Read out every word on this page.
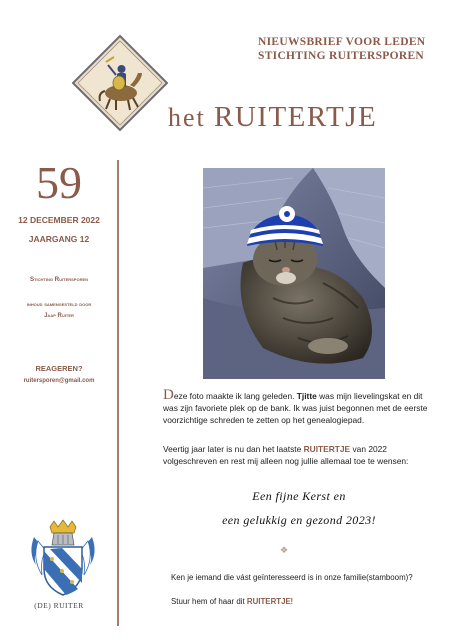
NIEUWSBRIEF VOOR LEDEN
STICHTING RUITERSPOREN
het RUITERTJE
59
12 DECEMBER 2022
JAARGANG 12
Stichting Ruitersporen
inhoud samengesteld door
Jaap Ruiter
REAGEREN?
ruitersporen@gmail.com
(DE) RUITER
Deze foto maakte ik lang geleden. Tjitte was mijn lievelingskat en dit was zijn favoriete plek op de bank. Ik was juist begonnen met de eerste voorzichtige schreden te zetten op het genealogiepad.
Veertig jaar later is nu dan het laatste RUITERTJE van 2022 volgeschreven en rest mij alleen nog jullie allemaal toe te wensen:
Een fijne Kerst en
een gelukkig en gezond 2023!
❖
Ken je iemand die vást geïnteresseerd is in onze familie(stamboom)?
Stuur hem of haar dit RUITERTJE!
